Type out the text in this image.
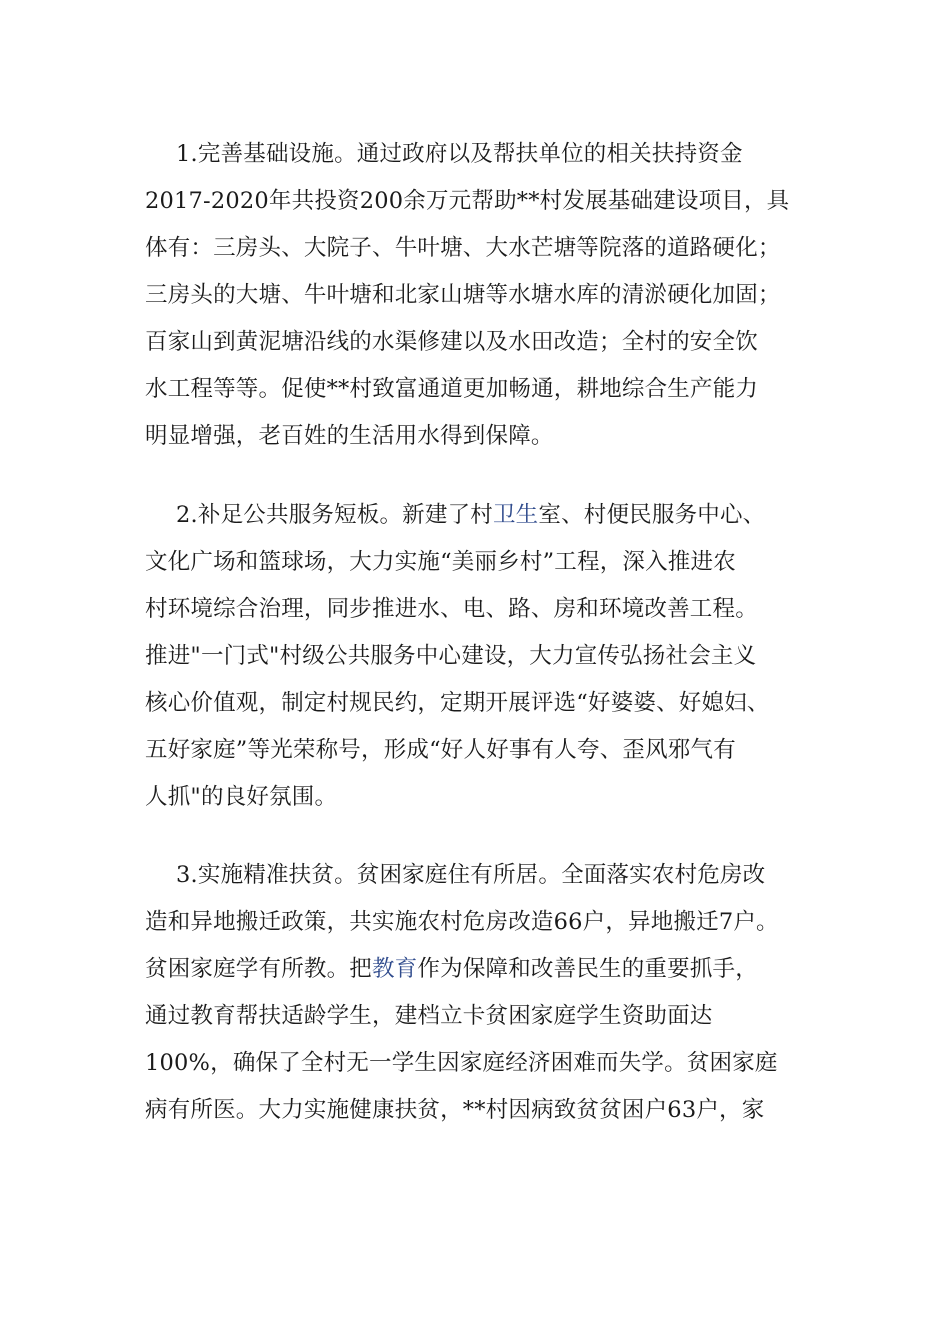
1.完善基础设施。通过政府以及帮扶单位的相关扶持资金
2017-2020年共投资200余万元帮助**村发展基础建设项目，具
体有：三房头、大院子、牛叶塘、大水芒塘等院落的道路硬化；
三房头的大塘、牛叶塘和北家山塘等水塘水库的清淤硬化加固；
百家山到黄泥塘沿线的水渠修建以及水田改造；全村的安全饮
水工程等等。促使**村致富通道更加畅通，耕地综合生产能力
明显增强，老百姓的生活用水得到保障。
2.补足公共服务短板。新建了村卫生室、村便民服务中心、
文化广场和篮球场，大力实施“美丽乡村”工程，深入推进农
村环境综合治理，同步推进水、电、路、房和环境改善工程。
推进"一门式"村级公共服务中心建设，大力宣传弘扬社会主义
核心价值观，制定村规民约，定期开展评选“好婆婆、好媳妇、
五好家庭”等光荣称号，形成“好人好事有人夸、歪风邪气有
人抓"的良好氛围。
3.实施精准扶贫。贫困家庭住有所居。全面落实农村危房改
造和异地搬迁政策，共实施农村危房改造66户，异地搬迁7户。
贫困家庭学有所教。把教育作为保障和改善民生的重要抓手，
通过教育帮扶适龄学生，建档立卡贫困家庭学生资助面达
100%，确保了全村无一学生因家庭经济困难而失学。贫困家庭
病有所医。大力实施健康扶贫，**村因病致贫贫困户63户，家
